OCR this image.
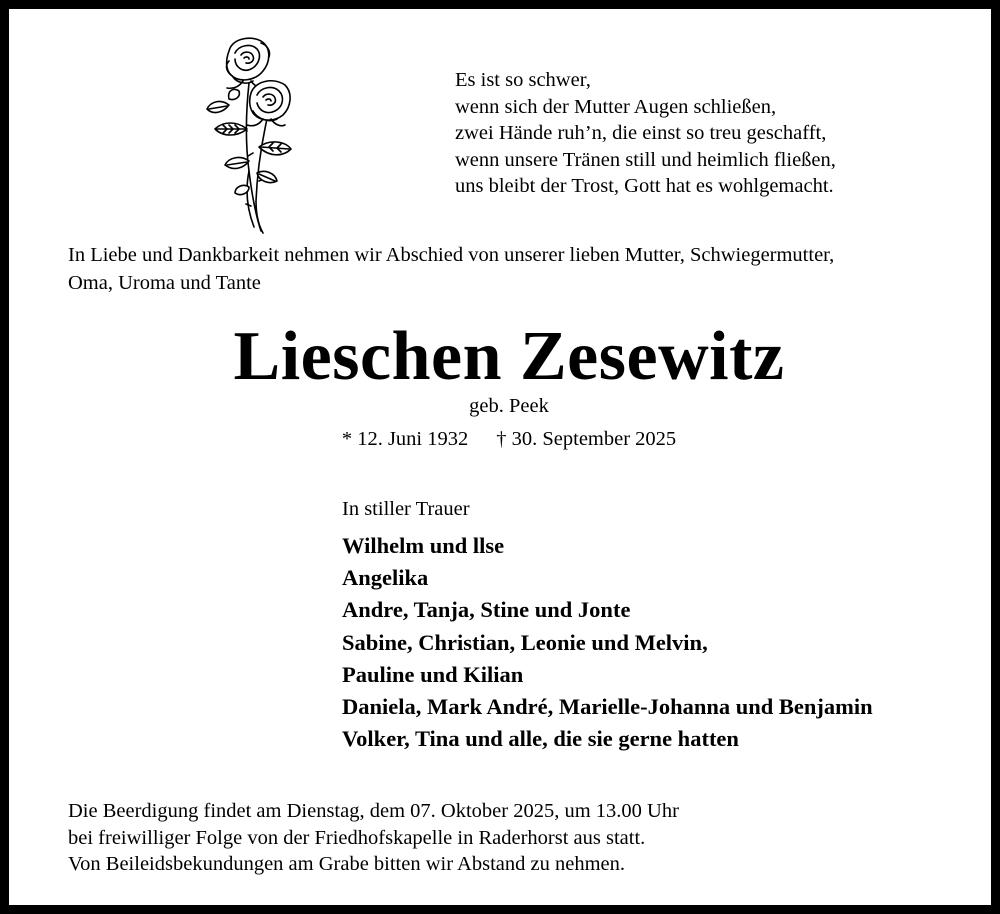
Es ist so schwer,
wenn sich der Mutter Augen schließen,
zwei Hände ruh’n, die einst so treu geschafft,
wenn unsere Tränen still und heimlich fließen,
uns bleibt der Trost, Gott hat es wohlgemacht.
In Liebe und Dankbarkeit nehmen wir Abschied von unserer lieben Mutter, Schwiegermutter,
Oma, Uroma und Tante
Lieschen Zesewitz
geb. Peek
* 12. Juni 1932 † 30. September 2025
In stiller Trauer
Wilhelm und llse
Angelika
Andre, Tanja, Stine und Jonte
Sabine, Christian, Leonie und Melvin,
Pauline und Kilian
Daniela, Mark André, Marielle-Johanna und Benjamin
Volker, Tina und alle, die sie gerne hatten
Die Beerdigung findet am Dienstag, dem 07. Oktober 2025, um 13.00 Uhr
bei freiwilliger Folge von der Friedhofskapelle in Raderhorst aus statt.
Von Beileidsbekundungen am Grabe bitten wir Abstand zu nehmen.
